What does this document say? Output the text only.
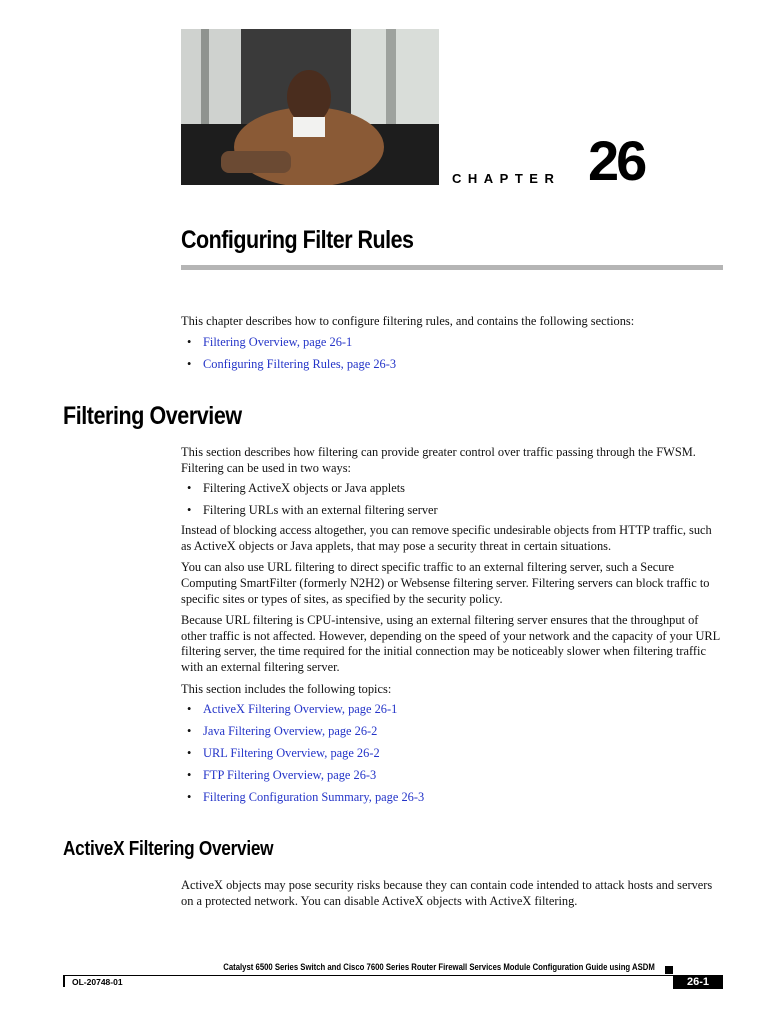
CHAPTER 26
Configuring Filter Rules

This chapter describes how to configure filtering rules, and contains the following sections:

• Filtering Overview, page 26-1
• Configuring Filtering Rules, page 26-3
Filtering Overview

This section describes how filtering can provide greater control over traffic passing through the FWSM. Filtering can be used in two ways:

• Filtering ActiveX objects or Java applets
• Filtering URLs with an external filtering server

Instead of blocking access altogether, you can remove specific undesirable objects from HTTP traffic, such as ActiveX objects or Java applets, that may pose a security threat in certain situations.

You can also use URL filtering to direct specific traffic to an external filtering server, such a Secure Computing SmartFilter (formerly N2H2) or Websense filtering server. Filtering servers can block traffic to specific sites or types of sites, as specified by the security policy.

Because URL filtering is CPU-intensive, using an external filtering server ensures that the throughput of other traffic is not affected. However, depending on the speed of your network and the capacity of your URL filtering server, the time required for the initial connection may be noticeably slower when filtering traffic with an external filtering server.

This section includes the following topics:

• ActiveX Filtering Overview, page 26-1
• Java Filtering Overview, page 26-2
• URL Filtering Overview, page 26-2
• FTP Filtering Overview, page 26-3
• Filtering Configuration Summary, page 26-3
ActiveX Filtering Overview

ActiveX objects may pose security risks because they can contain code intended to attack hosts and servers on a protected network. You can disable ActiveX objects with ActiveX filtering.

Catalyst 6500 Series Switch and Cisco 7600 Series Router Firewall Services Module Configuration Guide using ASDM
OL-20748-01	26-1
